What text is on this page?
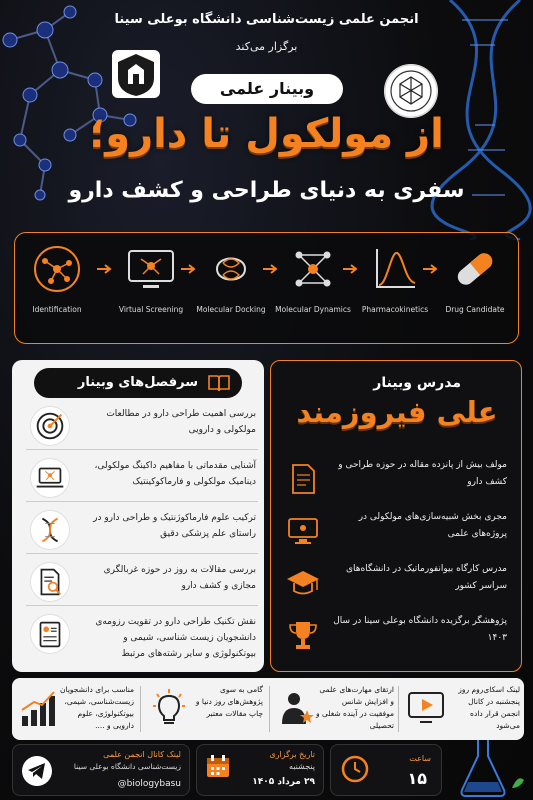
انجمن علمی زیست‌شناسی دانشگاه بوعلی سینا
برگزار می‌کند
وبینار علمی
از مولکول تا دارو؛
سفری به دنیای طراحی و کشف دارو
Identification	Virtual Screening	Molecular Docking	Molecular Dynamics	Pharmacokinetics	Drug Candidate
سرفصل‌های وبینار
بررسی اهمیت طراحی دارو در مطالعات مولکولی و دارویی
آشنایی مقدماتی با مفاهیم داکینگ مولکولی، دینامیک مولکولی و فارماکوکینتیک
ترکیب علوم فارماکوژنتیک و طراحی دارو در راستای علم پزشکی دقیق
بررسی مقالات به روز در حوزه غربالگری مجازی و کشف دارو
نقش تکنیک طراحی دارو در تقویت رزومه‌ی دانشجویان زیست شناسی، شیمی و بیوتکنولوژی و سایر رشته‌های مرتبط
مدرس وبینار
علی فیروزمند
مولف بیش از پانزده مقاله در حوزه طراحی و کشف دارو
مجری بخش شبیه‌سازی‌های مولکولی در پروژه‌های علمی
مدرس کارگاه بیوانفورماتیک در دانشگاه‌های سراسر کشور
پژوهشگر برگزیده دانشگاه بوعلی سینا در سال ۱۴۰۳
مناسب برای دانشجویان زیست‌شناسی، شیمی، بیوتکنولوژی، علوم دارویی و ....
گامی به سوی پژوهش‌های روز دنیا و چاپ مقالات معتبر
ارتقای مهارت‌های علمی و افزایش شانس موفقیت در آینده شغلی و تحصیلی
لینک اسکای‌روم روز پنجشنبه در کانال انجمن قرار داده می‌شود
لینک کانال انجمن علمی
زیست‌شناسی دانشگاه بوعلی سینا
@biologybasu
تاریخ برگزاری
پنجشنبه
۲۹ مرداد ۱۴۰۵
ساعت
۱۵
